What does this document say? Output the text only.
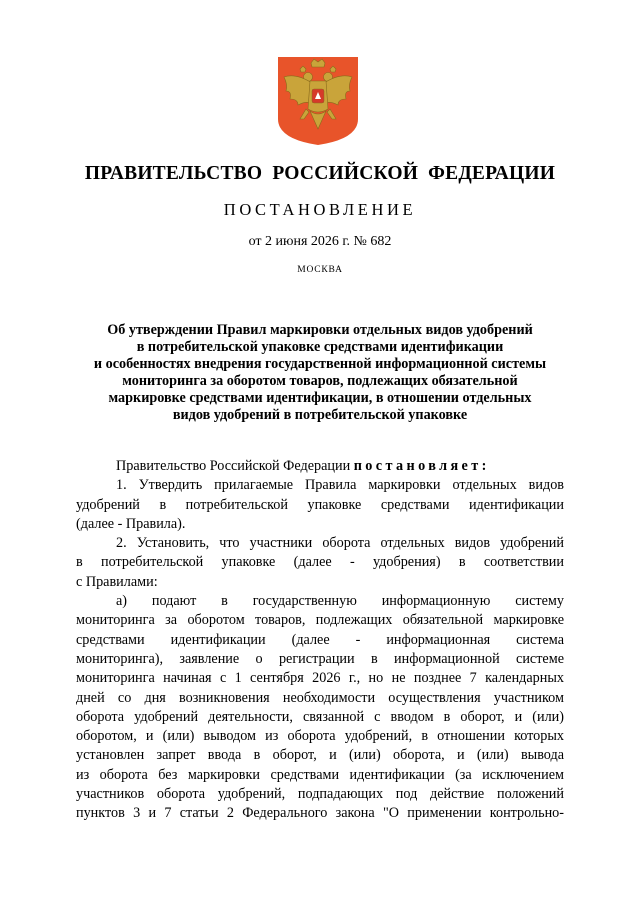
ПРАВИТЕЛЬСТВО РОССИЙСКОЙ ФЕДЕРАЦИИ
ПОСТАНОВЛЕНИЕ
от 2 июня 2026 г. № 682
МОСКВА
Об утверждении Правил маркировки отдельных видов удобрений
в потребительской упаковке средствами идентификации
и особенностях внедрения государственной информационной системы
мониторинга за оборотом товаров, подлежащих обязательной
маркировке средствами идентификации, в отношении отдельных
видов удобрений в потребительской упаковке
Правительство Российской Федерации постановляет:
1. Утвердить прилагаемые Правила маркировки отдельных видов
удобрений в потребительской упаковке средствами идентификации
(далее - Правила).
2. Установить, что участники оборота отдельных видов удобрений
в потребительской упаковке (далее - удобрения) в соответствии
с Правилами:
а) подают в государственную информационную систему
мониторинга за оборотом товаров, подлежащих обязательной маркировке
средствами идентификации (далее - информационная система
мониторинга), заявление о регистрации в информационной системе
мониторинга начиная с 1 сентября 2026 г., но не позднее 7 календарных
дней со дня возникновения необходимости осуществления участником
оборота удобрений деятельности, связанной с вводом в оборот, и (или)
оборотом, и (или) выводом из оборота удобрений, в отношении которых
установлен запрет ввода в оборот, и (или) оборота, и (или) вывода
из оборота без маркировки средствами идентификации (за исключением
участников оборота удобрений, подпадающих под действие положений
пунктов 3 и 7 статьи 2 Федерального закона "О применении контрольно-
